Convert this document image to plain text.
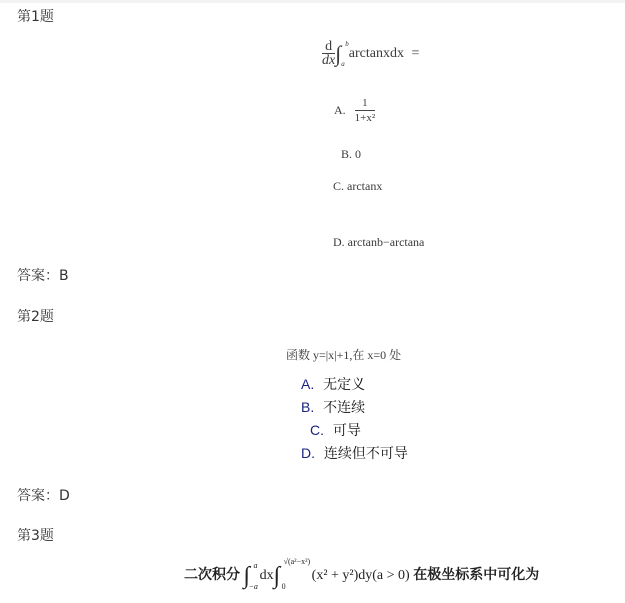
第1题
$\frac{d}{dx}$ ∫ b
a
arctanxdx =
A. $\frac{1}{\text{1+x²}}$
B. 0
C. arctanx
D. arctanb−arctana
答案：B
第2题
函数 y=|x|+1,在 x=0 处
A. 无定义
B. 不连续
C. 可导
D. 连续但不可导
答案：D
第3题
二次积分 ∫ a
−a
dx∫
√(a²−x²)
0
(x² + y²)dy(a > 0) 在极坐标系中可化为
